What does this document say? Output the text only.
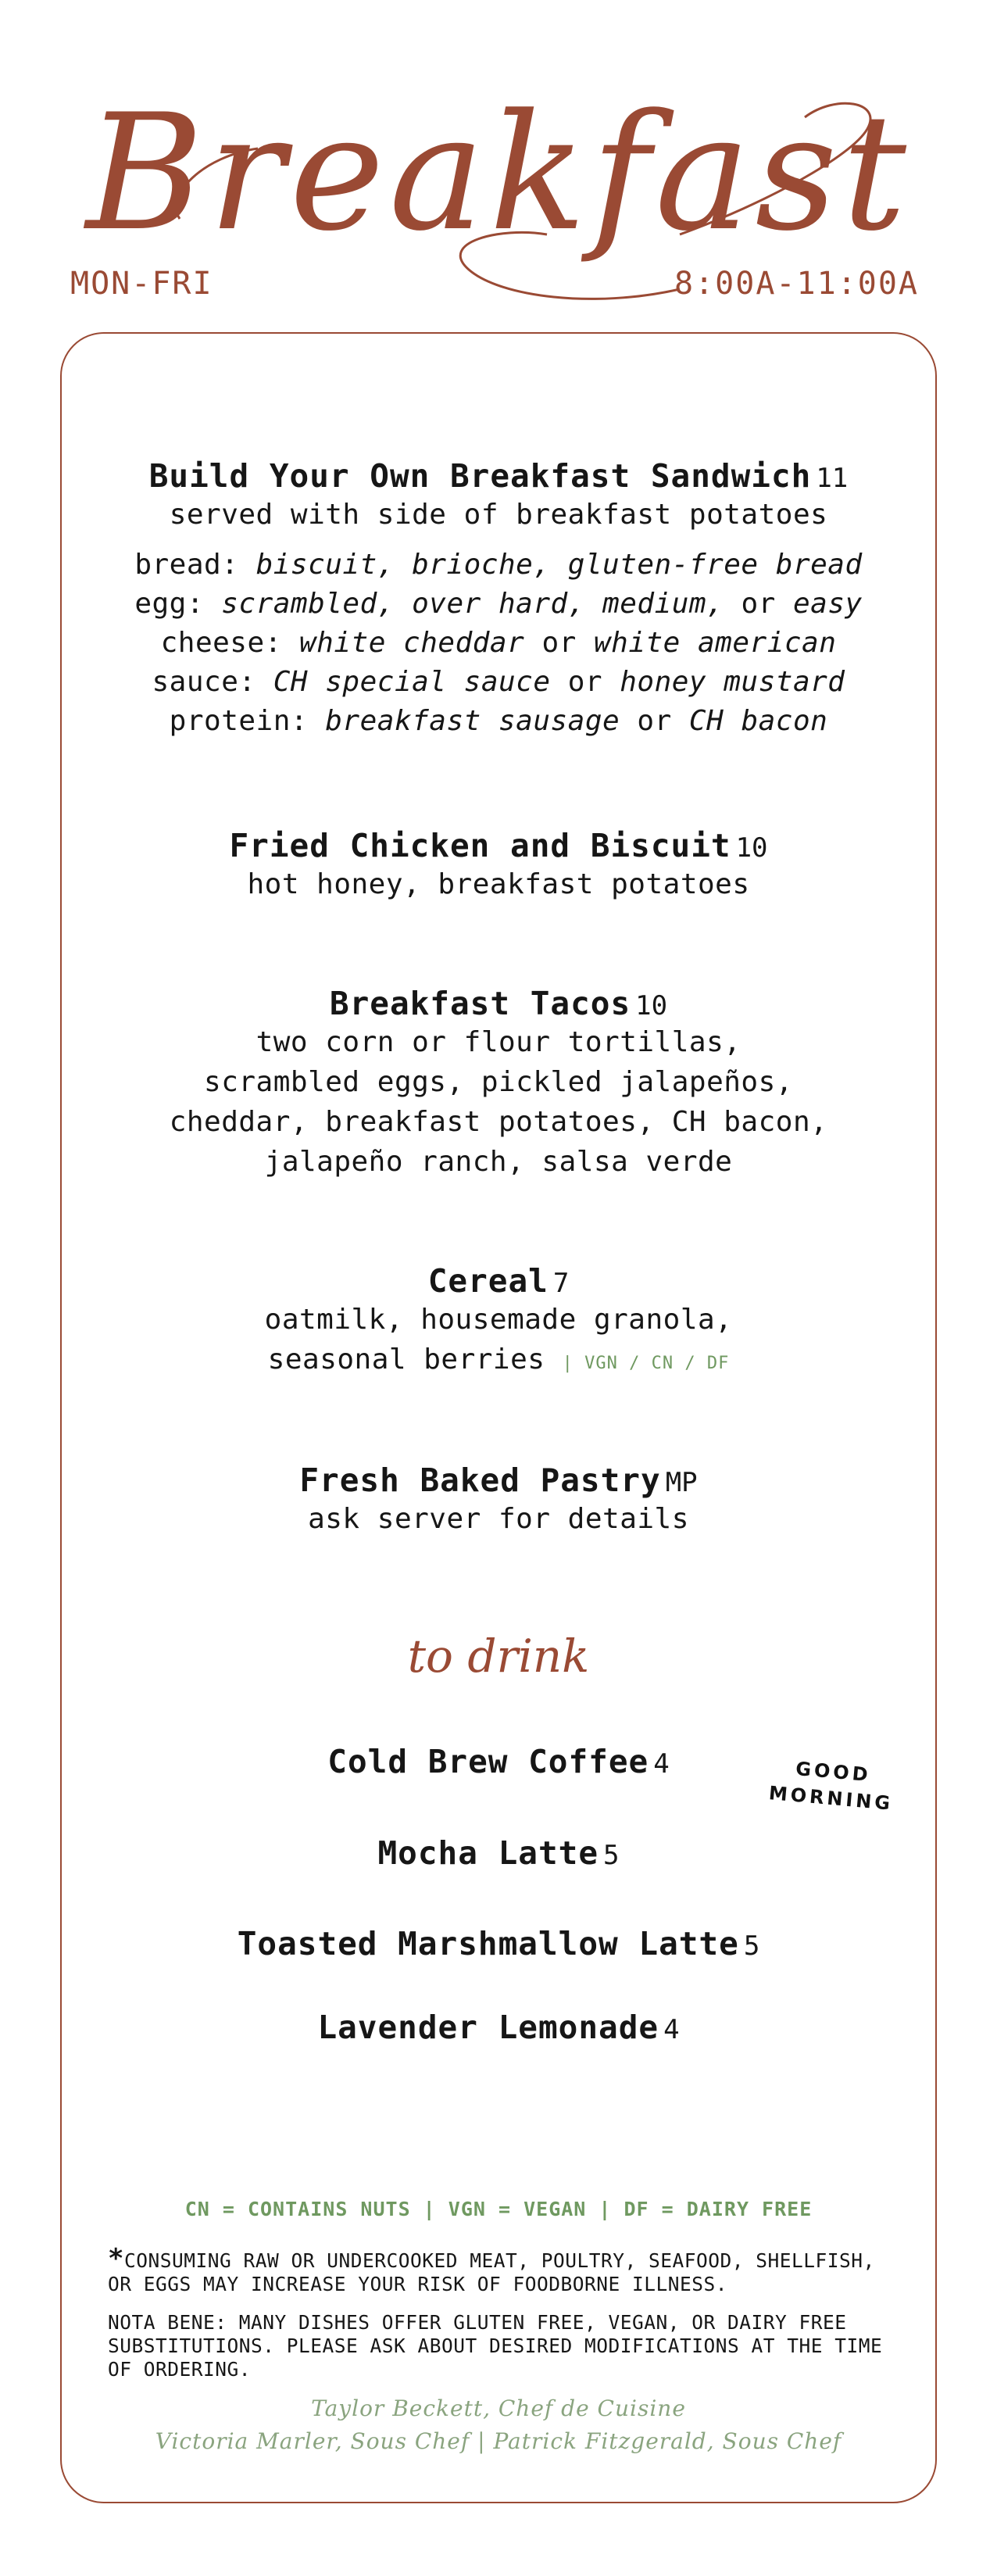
Breakfast
MON-FRI	8:00A-11:00A
Build Your Own Breakfast Sandwich 11
served with side of breakfast potatoes
bread: biscuit, brioche, gluten-free bread
egg: scrambled, over hard, medium, or easy
cheese: white cheddar or white american
sauce: CH special sauce or honey mustard
protein: breakfast sausage or CH bacon
Fried Chicken and Biscuit 10
hot honey, breakfast potatoes
Breakfast Tacos 10
two corn or flour tortillas,
scrambled eggs, pickled jalapeños,
cheddar, breakfast potatoes, CH bacon,
jalapeño ranch, salsa verde
Cereal 7
oatmilk, housemade granola,
seasonal berries | VGN / CN / DF
Fresh Baked Pastry MP
ask server for details
to drink
Cold Brew Coffee 4
Mocha Latte 5
Toasted Marshmallow Latte 5
Lavender Lemonade 4
GOOD
MORNING
CN = CONTAINS NUTS | VGN = VEGAN | DF = DAIRY FREE
*CONSUMING RAW OR UNDERCOOKED MEAT, POULTRY, SEAFOOD, SHELLFISH, OR EGGS MAY INCREASE YOUR RISK OF FOODBORNE ILLNESS.
NOTA BENE: MANY DISHES OFFER GLUTEN FREE, VEGAN, OR DAIRY FREE SUBSTITUTIONS. PLEASE ASK ABOUT DESIRED MODIFICATIONS AT THE TIME OF ORDERING.
Taylor Beckett, Chef de Cuisine
Victoria Marler, Sous Chef | Patrick Fitzgerald, Sous Chef
